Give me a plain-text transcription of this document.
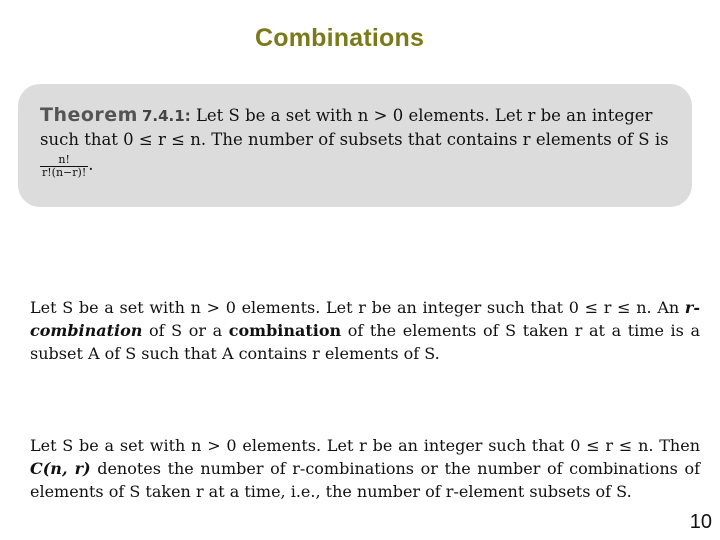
Combinations
Theorem 7.4.1: Let S be a set with n > 0 elements. Let r be an integer such that 0 ≤ r ≤ n. The number of subsets that contains r elements of S is
$\frac{n!}{r!(n-r)!}$ .
Let S be a set with n > 0 elements. Let r be an integer such that 0 ≤ r ≤ n. An r-combination of S or a combination of the elements of S taken r at a time is a subset A of S such that A contains r elements of S.
Let S be a set with n > 0 elements. Let r be an integer such that 0 ≤ r ≤ n. Then C(n, r) denotes the number of r-combinations or the number of combinations of elements of S taken r at a time, i.e., the number of r-element subsets of S.
10
